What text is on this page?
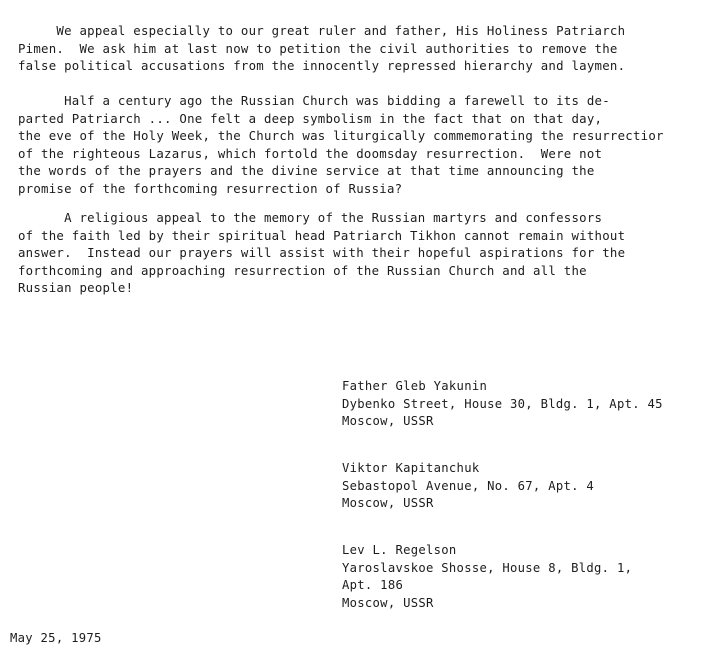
We appeal especially to our great ruler and father, His Holiness Patriarch
Pimen.  We ask him at last now to petition the civil authorities to remove the
false political accusations from the innocently repressed hierarchy and laymen.
Half a century ago the Russian Church was bidding a farewell to its de-
parted Patriarch ... One felt a deep symbolism in the fact that on that day,
the eve of the Holy Week, the Church was liturgically commemorating the resurrectior
of the righteous Lazarus, which fortold the doomsday resurrection.  Were not
the words of the prayers and the divine service at that time announcing the
promise of the forthcoming resurrection of Russia?
A religious appeal to the memory of the Russian martyrs and confessors
of the faith led by their spiritual head Patriarch Tikhon cannot remain without
answer.  Instead our prayers will assist with their hopeful aspirations for the
forthcoming and approaching resurrection of the Russian Church and all the
Russian people!
Father Gleb Yakunin
Dybenko Street, House 30, Bldg. 1, Apt. 45
Moscow, USSR
Viktor Kapitanchuk
Sebastopol Avenue, No. 67, Apt. 4
Moscow, USSR
Lev L. Regelson
Yaroslavskoe Shosse, House 8, Bldg. 1,
Apt. 186
Moscow, USSR
May 25, 1975
